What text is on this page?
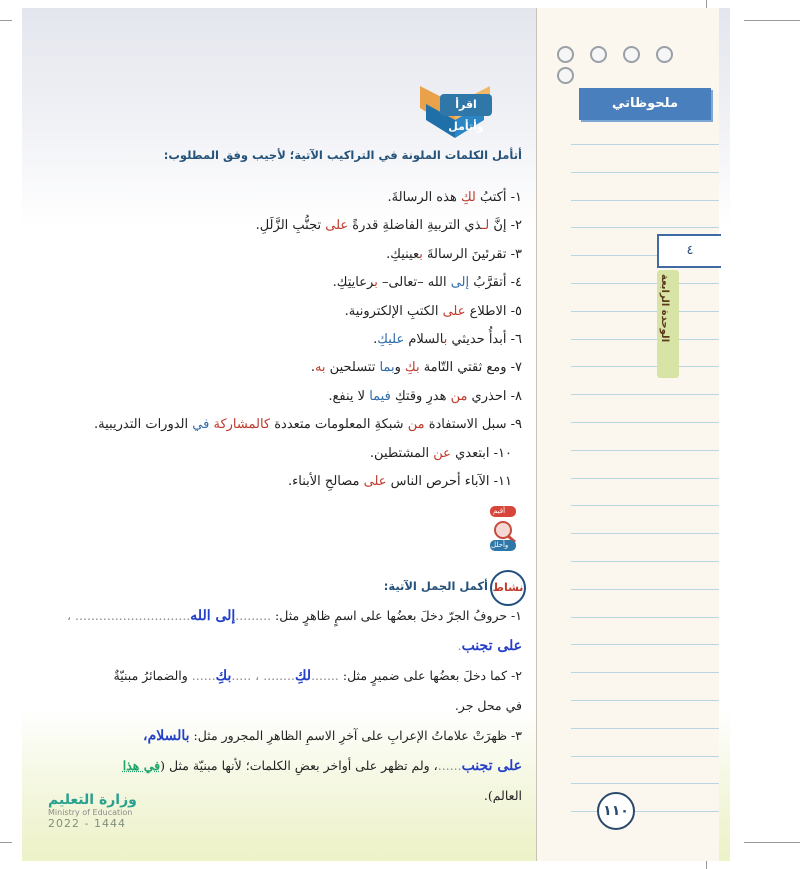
اقرأ وأتأمل
أتأمل الكلمات الملونة في التراكيب الآتية؛ لأجيب وفق المطلوب:
١- أكتبُ لكِ هذه الرسالةَ.
٢- إنَّ لـذي التربيةِ الفاضلةِ قدرةً على تجنُّبِ الزَّلَلِ.
٣- تقرئينَ الرسالةَ بعينيكِ.
٤- أتقرَّبُ إلى الله –تعالى– برعايتِكِ.
٥- الاطلاع على الكتبِ الإلكترونية.
٦- أبدأُ حديثي بالسلام عليكِ.
٧- ومع ثقتي التّامة بكِ وبما تتسلحين به.
٨- احذري من هدرِ وقتكِ فيما لا ينفع.
٩- سبل الاستفادة من شبكةِ المعلومات متعددة كالمشاركة في الدورات التدريبية.
١٠- ابتعدي عن المشتطين.
١١- الآباء أحرص الناس على مصالحِ الأبناء.
أقيم
وأحلل
نشاط
أكمل الجمل الآتية:
١- حروفُ الجرّ دخلَ بعضُها على اسمٍ ظاهرٍ مثل: .........إلى الله............................. ،
على تجنب.
٢- كما دخلَ بعضُها على ضميرٍ مثل: .......لكِ........ ، .....بكِ...... والضمائرُ مبنيّةٌ
في محل جر.
٣- ظهرَتْ علاماتُ الإعرابِ على آخرِ الاسمِ الظاهرِ المجرور مثل: بالسلام،
على تجنب......، ولم تظهر على أواخر بعضِ الكلمات؛ لأنها مبنيّة مثل (في هذا
العالم).
وزارة التعليم
Ministry of Education
2022 - 1444
ملحوظاتي
٤
الوحدة الرابعة
١١٠
